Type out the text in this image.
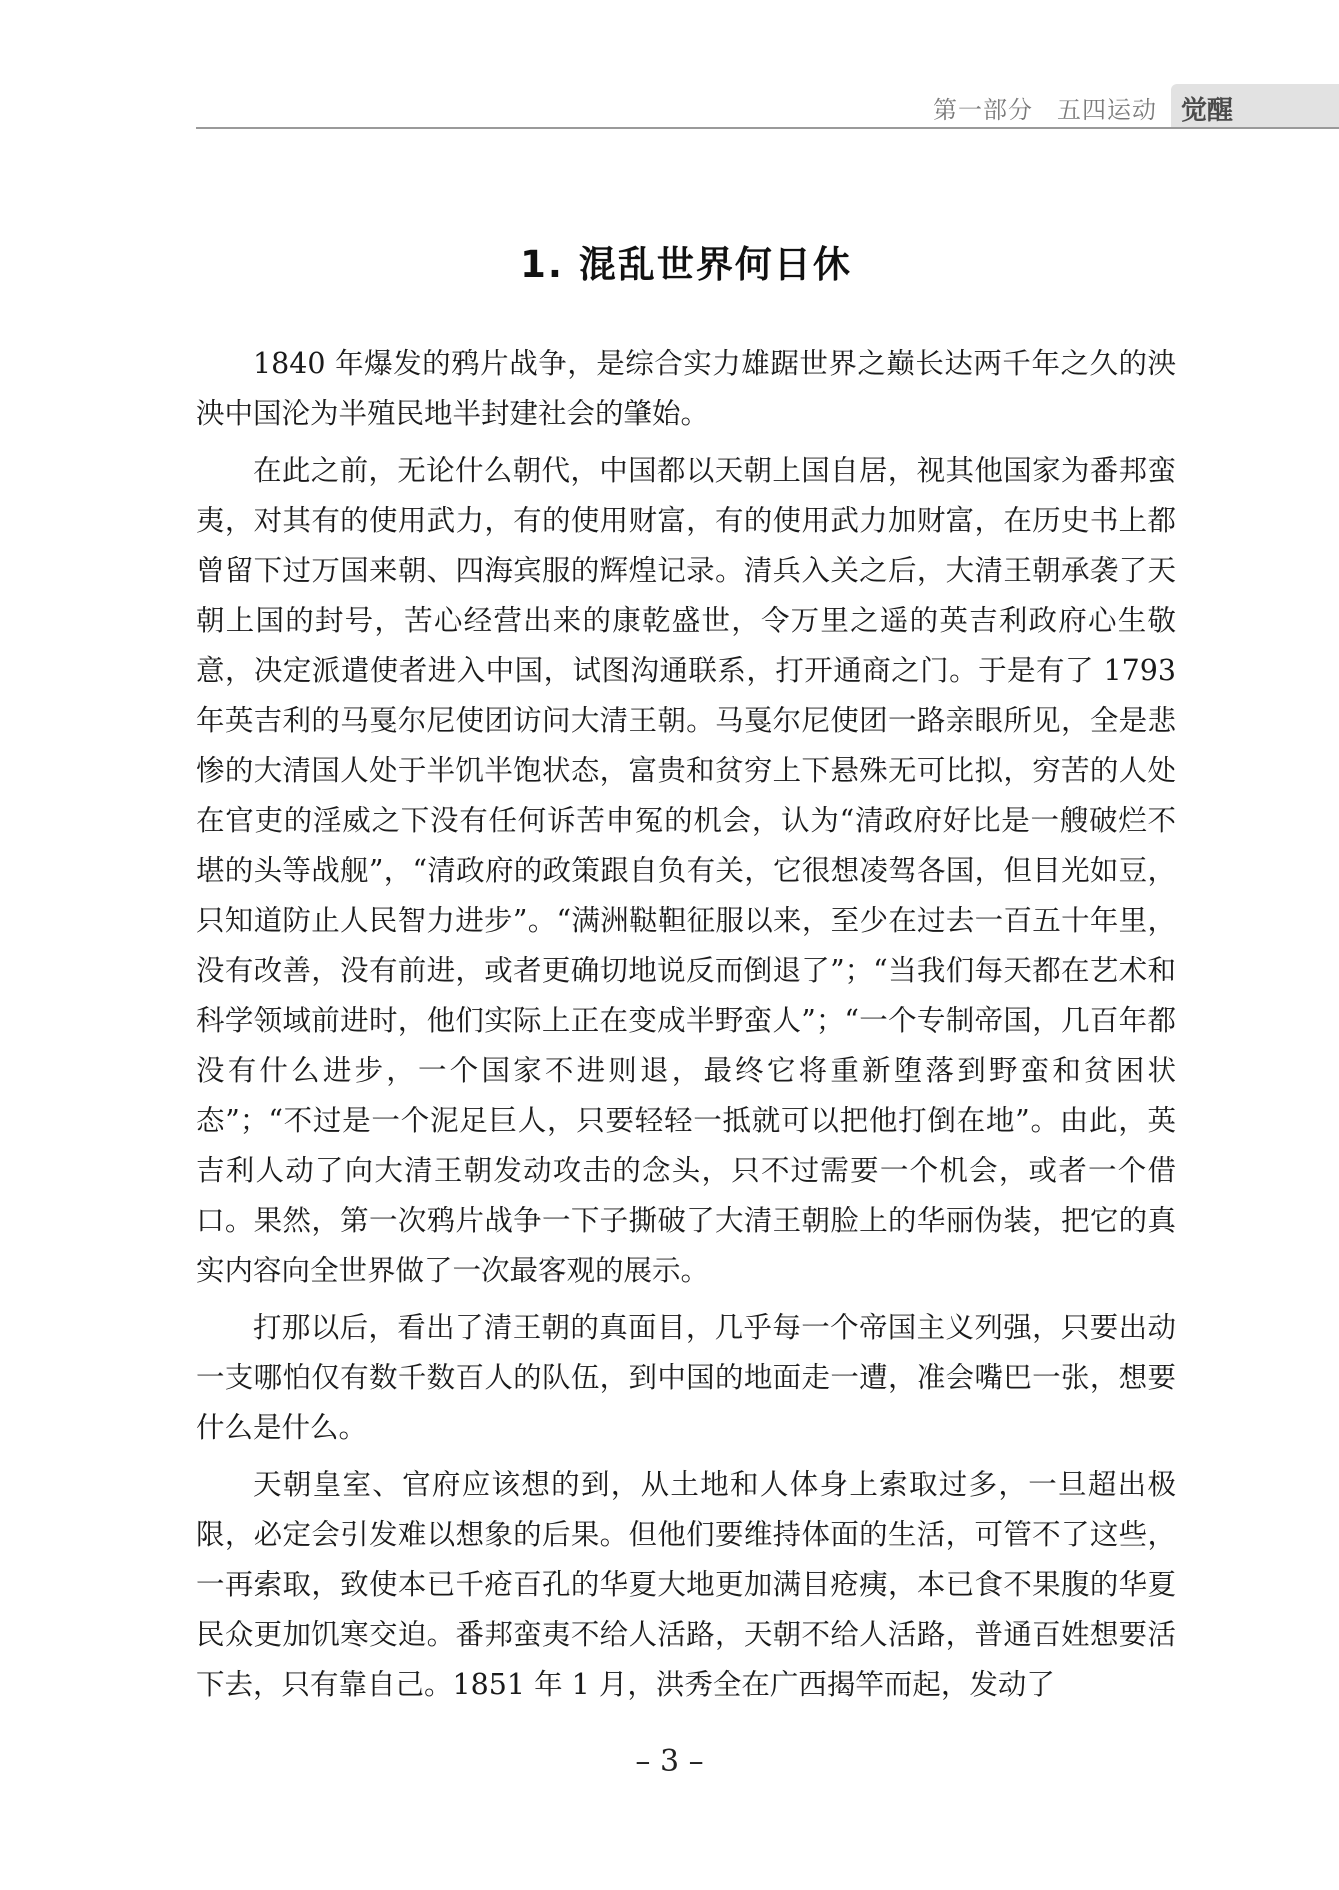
第一部分 五四运动 觉醒
1. 混乱世界何日休

1840 年爆发的鸦片战争，是综合实力雄踞世界之巅长达两千年之久的泱泱中国沦为半殖民地半封建社会的肇始。

在此之前，无论什么朝代，中国都以天朝上国自居，视其他国家为番邦蛮夷，对其有的使用武力，有的使用财富，有的使用武力加财富，在历史书上都曾留下过万国来朝、四海宾服的辉煌记录。清兵入关之后，大清王朝承袭了天朝上国的封号，苦心经营出来的康乾盛世，令万里之遥的英吉利政府心生敬意，决定派遣使者进入中国，试图沟通联系，打开通商之门。于是有了 1793 年英吉利的马戛尔尼使团访问大清王朝。马戛尔尼使团一路亲眼所见，全是悲惨的大清国人处于半饥半饱状态，富贵和贫穷上下悬殊无可比拟，穷苦的人处在官吏的淫威之下没有任何诉苦申冤的机会，认为“清政府好比是一艘破烂不堪的头等战舰”，“清政府的政策跟自负有关，它很想凌驾各国，但目光如豆，只知道防止人民智力进步”。“满洲鞑靼征服以来，至少在过去一百五十年里，没有改善，没有前进，或者更确切地说反而倒退了”；“当我们每天都在艺术和科学领域前进时，他们实际上正在变成半野蛮人”；“一个专制帝国，几百年都没有什么进步，一个国家不进则退，最终它将重新堕落到野蛮和贫困状态”；“不过是一个泥足巨人，只要轻轻一抵就可以把他打倒在地”。由此，英吉利人动了向大清王朝发动攻击的念头，只不过需要一个机会，或者一个借口。果然，第一次鸦片战争一下子撕破了大清王朝脸上的华丽伪装，把它的真实内容向全世界做了一次最客观的展示。

打那以后，看出了清王朝的真面目，几乎每一个帝国主义列强，只要出动一支哪怕仅有数千数百人的队伍，到中国的地面走一遭，准会嘴巴一张，想要什么是什么。

天朝皇室、官府应该想的到，从土地和人体身上索取过多，一旦超出极限，必定会引发难以想象的后果。但他们要维持体面的生活，可管不了这些，一再索取，致使本已千疮百孔的华夏大地更加满目疮痍，本已食不果腹的华夏民众更加饥寒交迫。番邦蛮夷不给人活路，天朝不给人活路，普通百姓想要活下去，只有靠自己。1851 年 1 月，洪秀全在广西揭竿而起，发动了

– 3 –
